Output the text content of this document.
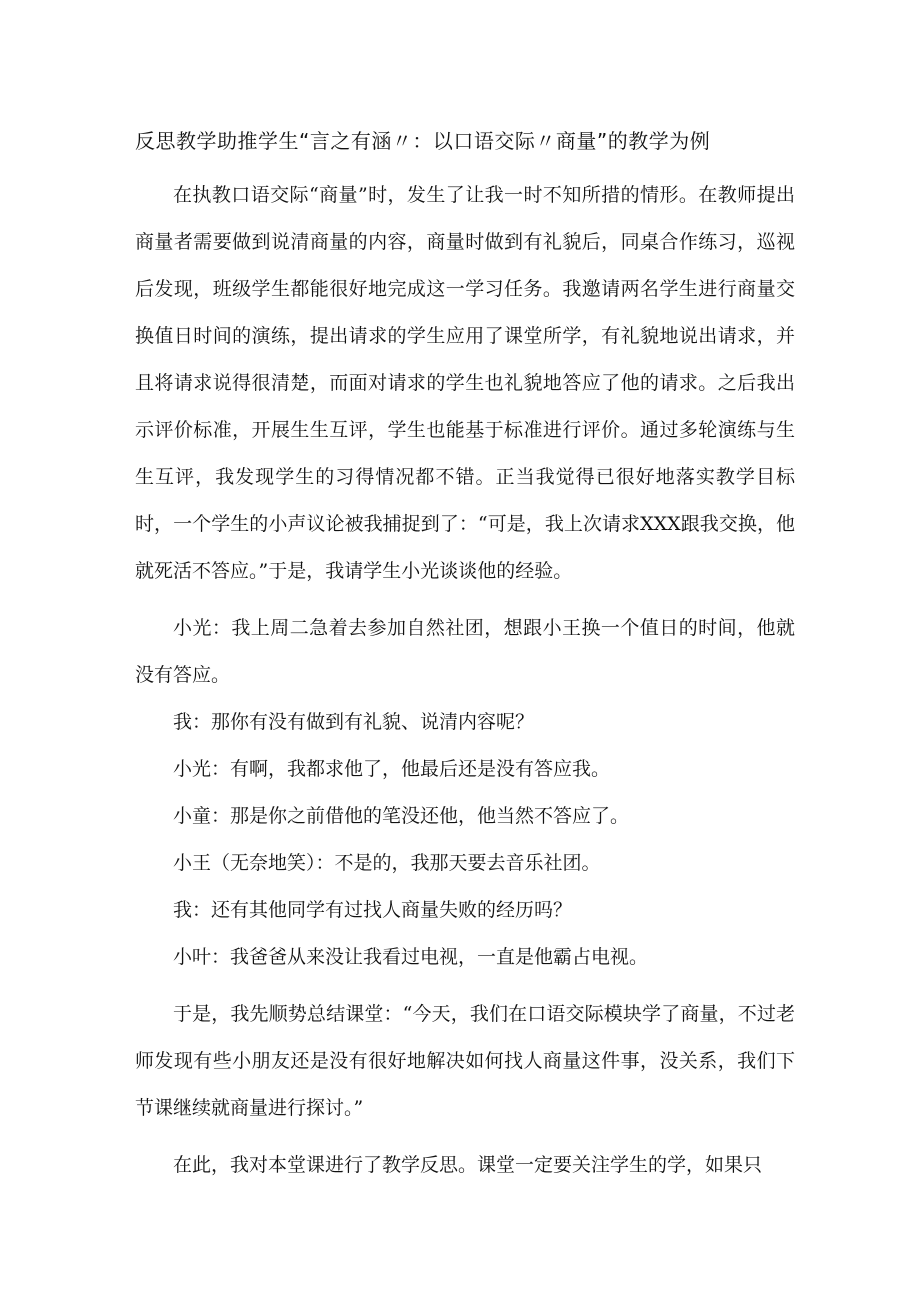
反思教学助推学生“言之有涵〃：以口语交际〃商量”的教学为例

在执教口语交际“商量”时，发生了让我一时不知所措的情形。在教师提出商量者需要做到说清商量的内容，商量时做到有礼貌后，同桌合作练习，巡视后发现，班级学生都能很好地完成这一学习任务。我邀请两名学生进行商量交换值日时间的演练，提出请求的学生应用了课堂所学，有礼貌地说出请求，并且将请求说得很清楚，而面对请求的学生也礼貌地答应了他的请求。之后我出示评价标准，开展生生互评，学生也能基于标准进行评价。通过多轮演练与生生互评，我发现学生的习得情况都不错。正当我觉得已很好地落实教学目标时，一个学生的小声议论被我捕捉到了：“可是，我上次请求XXX跟我交换，他就死活不答应。”于是，我请学生小光谈谈他的经验。

小光：我上周二急着去参加自然社团，想跟小王换一个值日的时间，他就没有答应。

我：那你有没有做到有礼貌、说清内容呢？

小光：有啊，我都求他了，他最后还是没有答应我。

小童：那是你之前借他的笔没还他，他当然不答应了。

小王（无奈地笑）：不是的，我那天要去音乐社团。

我：还有其他同学有过找人商量失败的经历吗？

小叶：我爸爸从来没让我看过电视，一直是他霸占电视。

于是，我先顺势总结课堂：“今天，我们在口语交际模块学了商量，不过老师发现有些小朋友还是没有很好地解决如何找人商量这件事，没关系，我们下节课继续就商量进行探讨。”

在此，我对本堂课进行了教学反思。课堂一定要关注学生的学，如果只
